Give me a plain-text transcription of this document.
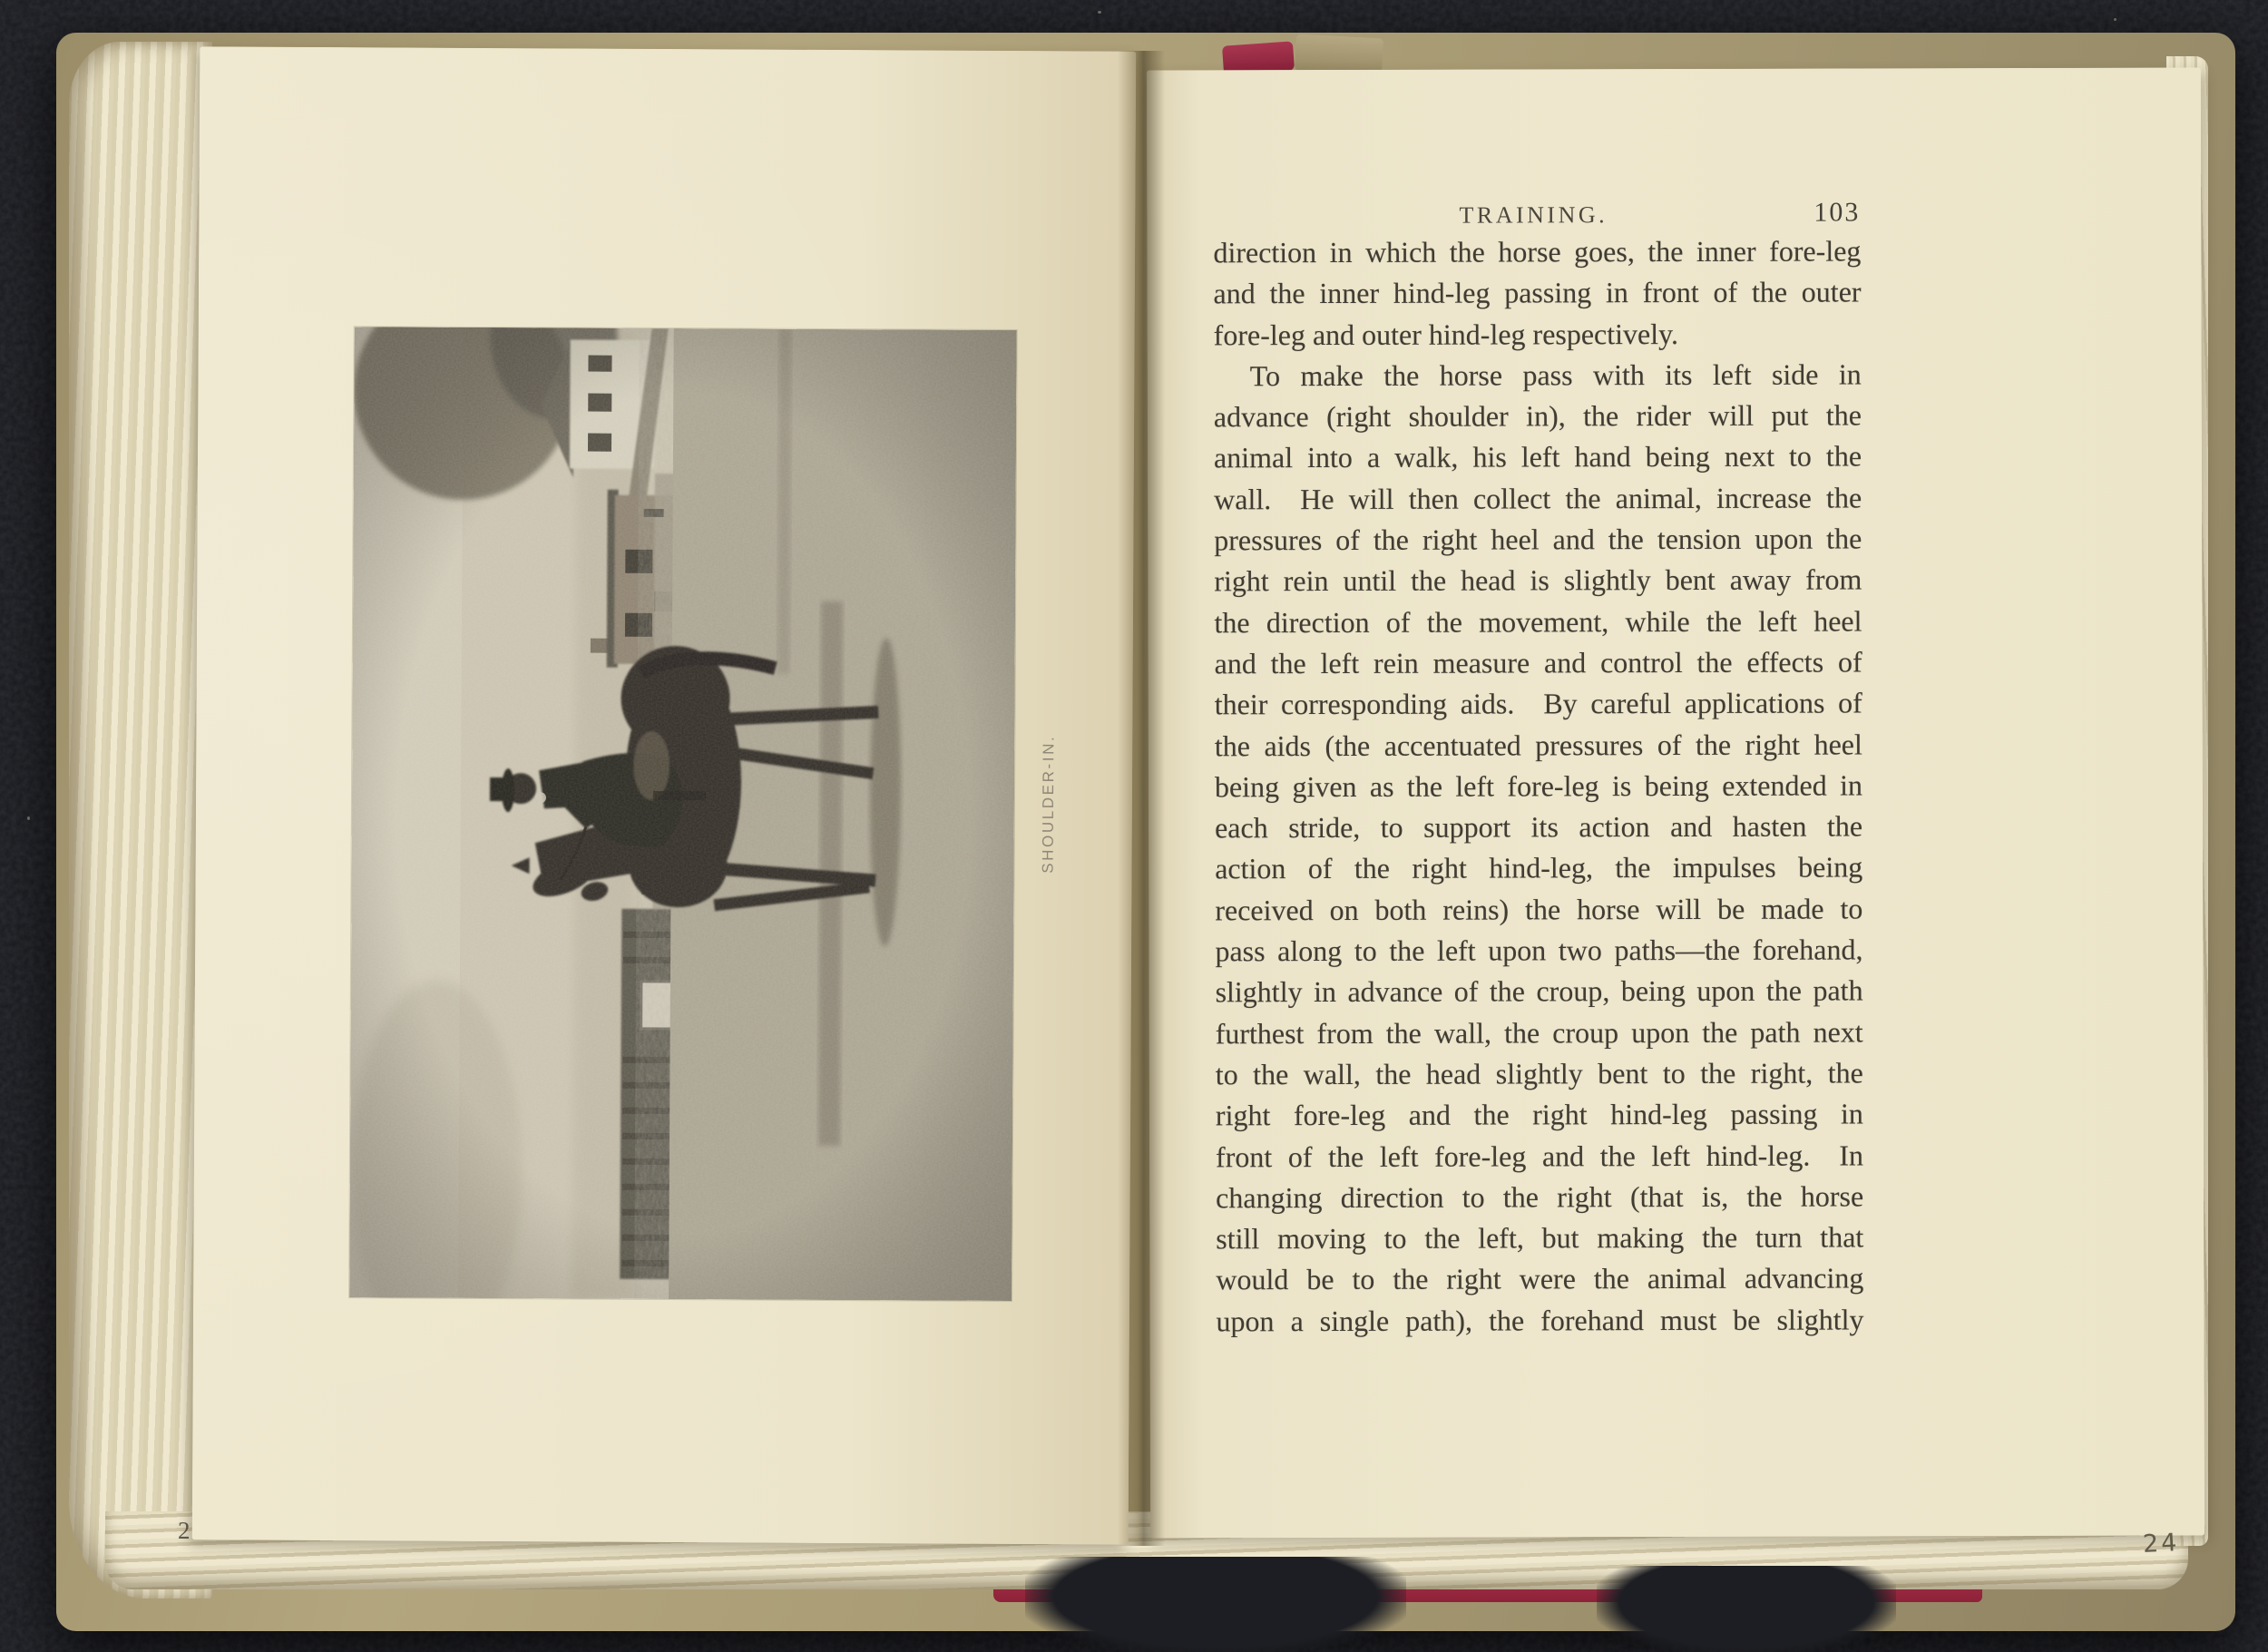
2
SHOULDER-IN.
TRAINING.	103
direction in which the horse goes, the inner fore-leg
and the inner hind-leg passing in front of the outer
fore-leg and outer hind-leg respectively.
To make the horse pass with its left side in
advance (right shoulder in), the rider will put the
animal into a walk, his left hand being next to the
wall.  He will then collect the animal, increase the
pressures of the right heel and the tension upon the
right rein until the head is slightly bent away from
the direction of the movement, while the left heel
and the left rein measure and control the effects of
their corresponding aids.  By careful applications of
the aids (the accentuated pressures of the right heel
being given as the left fore-leg is being extended in
each stride, to support its action and hasten the
action of the right hind-leg, the impulses being
received on both reins) the horse will be made to
pass along to the left upon two paths—the forehand,
slightly in advance of the croup, being upon the path
furthest from the wall, the croup upon the path next
to the wall, the head slightly bent to the right, the
right fore-leg and the right hind-leg passing in
front of the left fore-leg and the left hind-leg.  In
changing direction to the right (that is, the horse
still moving to the left, but making the turn that
would be to the right were the animal advancing
upon a single path), the forehand must be slightly
24
